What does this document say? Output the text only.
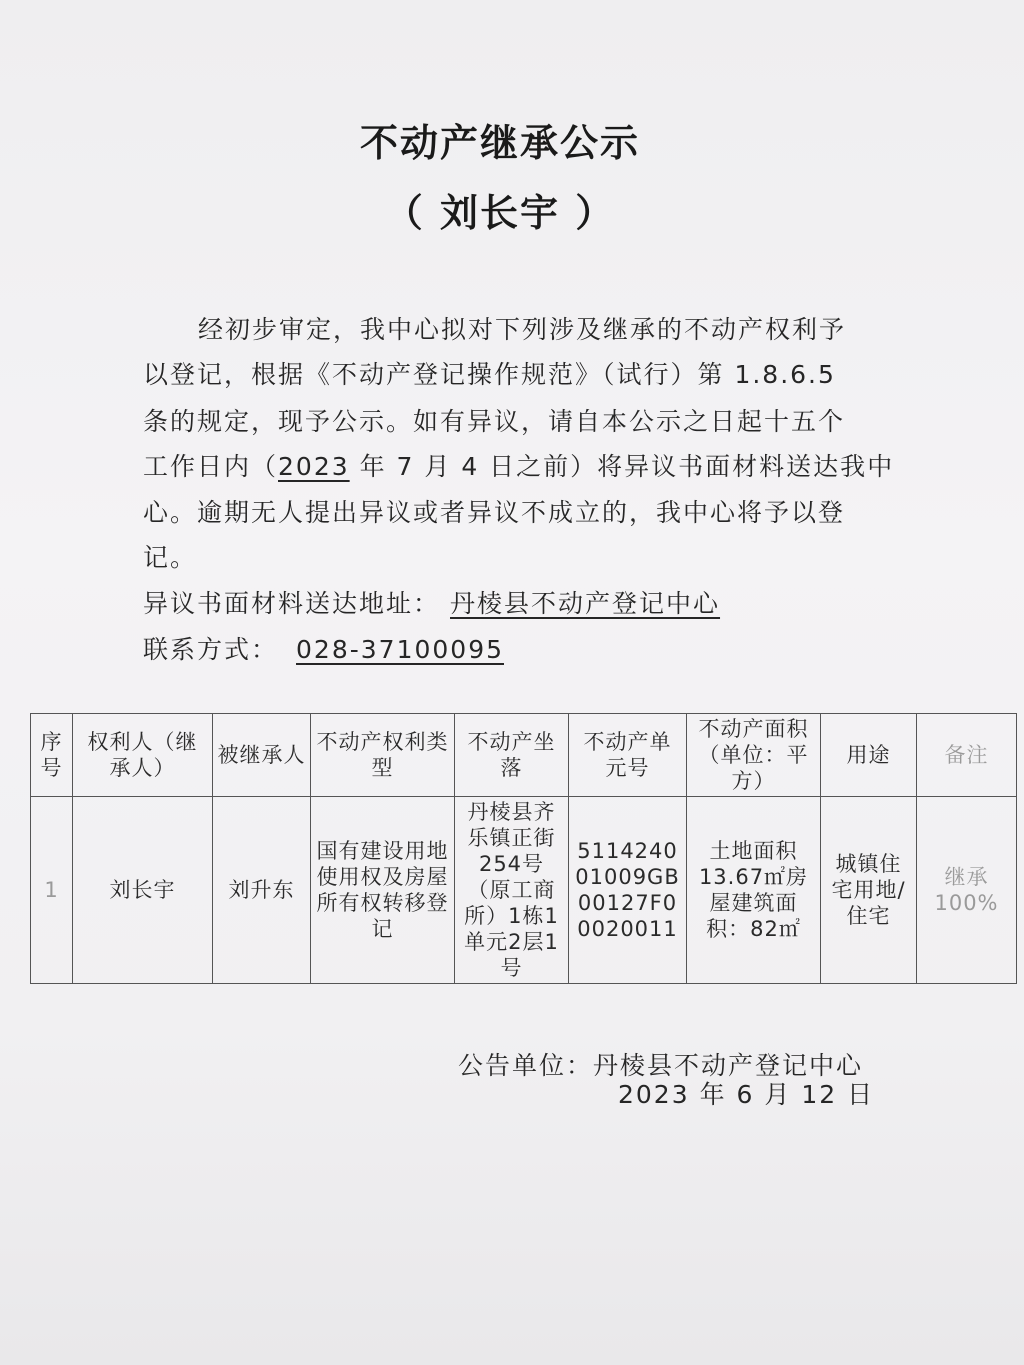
不动产继承公示
（ 刘长宇 ）
经初步审定，我中心拟对下列涉及继承的不动产权利予
以登记，根据《不动产登记操作规范》（试行）第 1.8.6.5
条的规定，现予公示。如有异议，请自本公示之日起十五个
工作日内（2023 年 7 月 4 日之前）将异议书面材料送达我中
心。逾期无人提出异议或者异议不成立的，我中心将予以登
记。
异议书面材料送达地址： 丹棱县不动产登记中心
联系方式： 028-37100095
序号	权利人（继承人）	被继承人	不动产权利类型	不动产坐落	不动产单元号	不动产面积（单位：平方）	用途	备注
1	刘长宇	刘升东	国有建设用地使用权及房屋所有权转移登记	丹棱县齐乐镇正街254号（原工商所）1栋1单元2层1号	511424001009GB00127F00020011	土地面积13.67㎡房屋建筑面积：82㎡	城镇住宅用地/住宅	继承100%
公告单位：丹棱县不动产登记中心
2023 年 6 月 12 日
